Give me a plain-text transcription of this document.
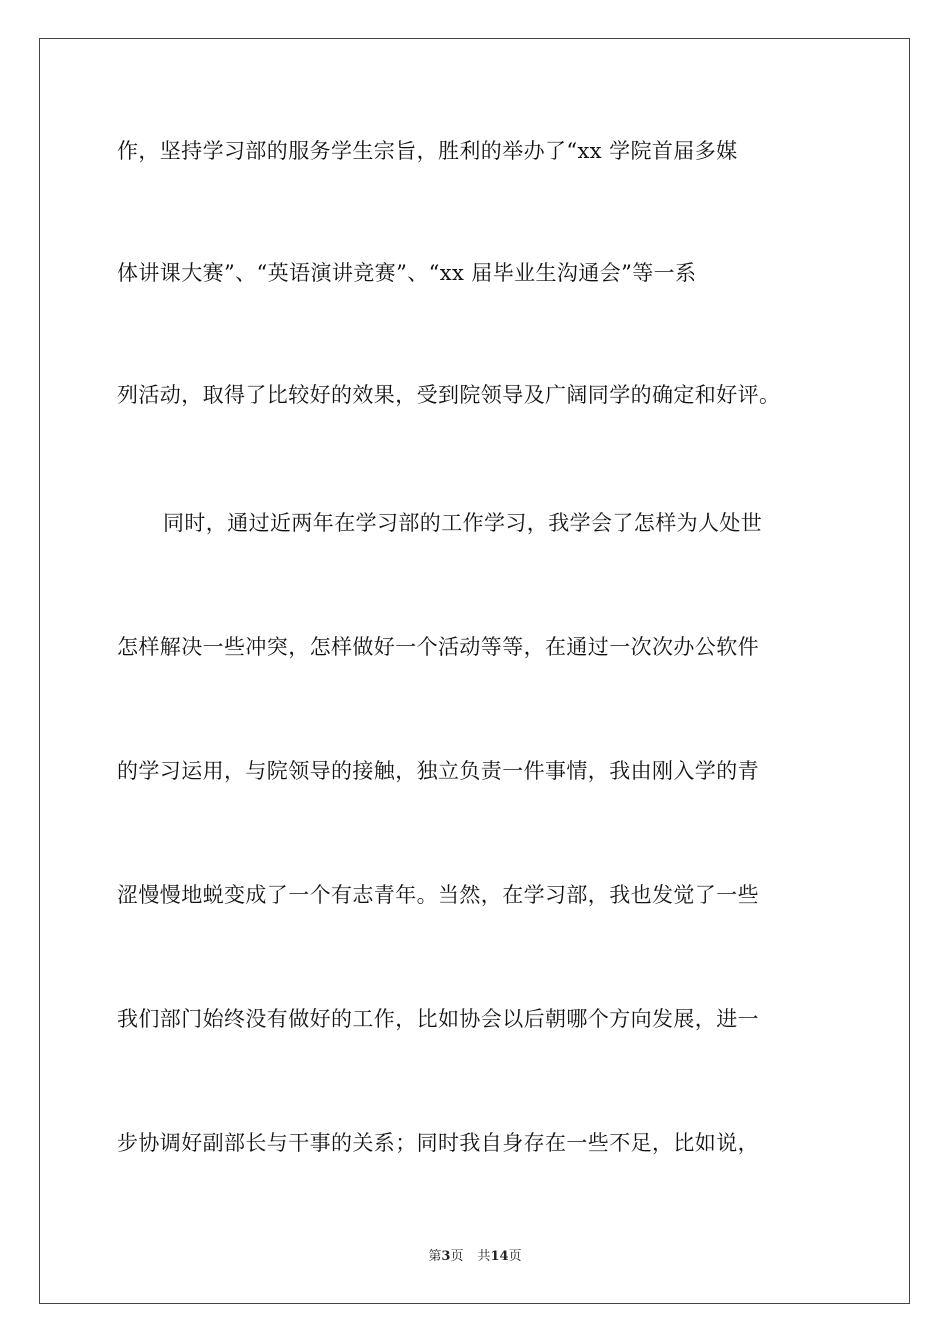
作，坚持学习部的服务学生宗旨，胜利的举办了“xx 学院首届多媒
体讲课大赛”、“英语演讲竞赛”、“xx 届毕业生沟通会”等一系
列活动，取得了比较好的效果，受到院领导及广阔同学的确定和好评。
同时，通过近两年在学习部的工作学习，我学会了怎样为人处世
怎样解决一些冲突，怎样做好一个活动等等，在通过一次次办公软件
的学习运用，与院领导的接触，独立负责一件事情，我由刚入学的青
涩慢慢地蜕变成了一个有志青年。当然，在学习部，我也发觉了一些
我们部门始终没有做好的工作，比如协会以后朝哪个方向发展，进一
步协调好副部长与干事的关系；同时我自身存在一些不足，比如说，
第3页 共14页
